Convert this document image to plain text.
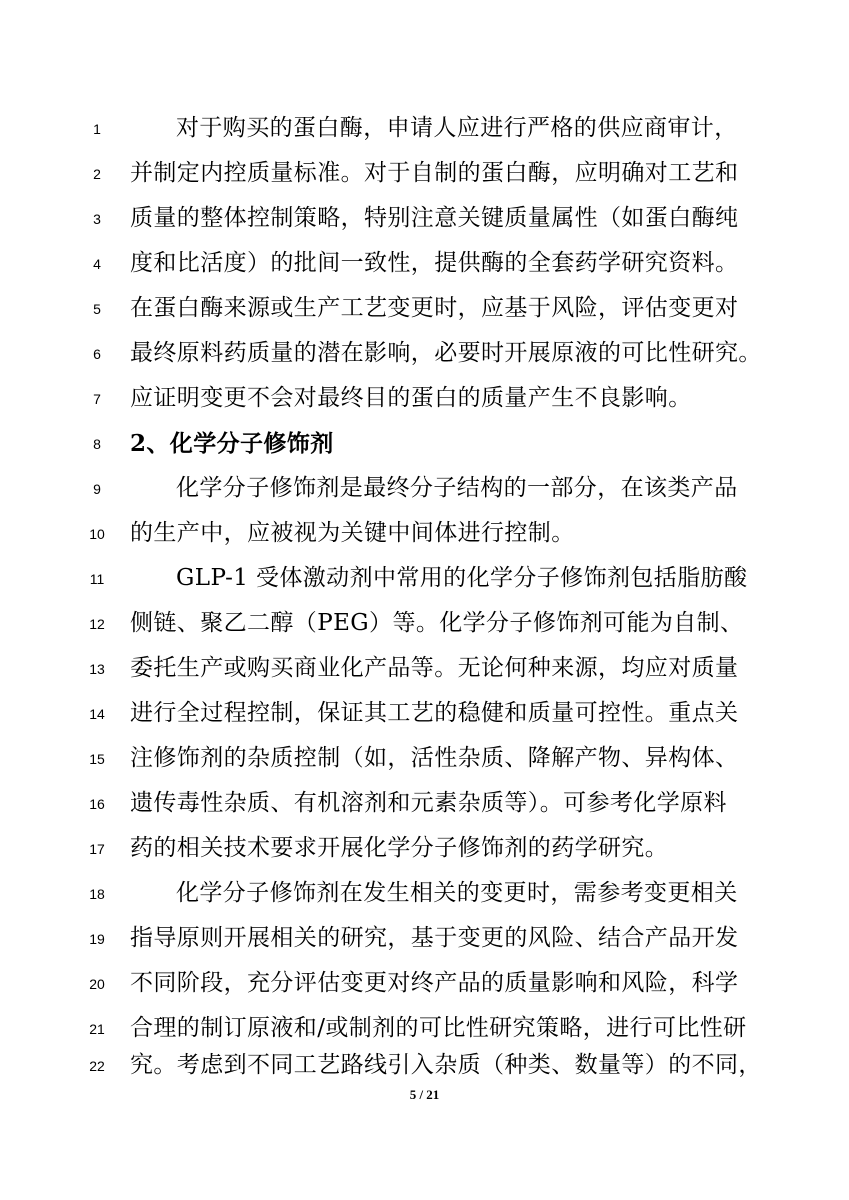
1	对于购买的蛋白酶，申请人应进行严格的供应商审计，
2	并制定内控质量标准。对于自制的蛋白酶，应明确对工艺和
3	质量的整体控制策略，特别注意关键质量属性（如蛋白酶纯
4	度和比活度）的批间一致性，提供酶的全套药学研究资料。
5	在蛋白酶来源或生产工艺变更时，应基于风险，评估变更对
6	最终原料药质量的潜在影响，必要时开展原液的可比性研究。
7	应证明变更不会对最终目的蛋白的质量产生不良影响。
8	2、化学分子修饰剂
9	化学分子修饰剂是最终分子结构的一部分，在该类产品
10	的生产中，应被视为关键中间体进行控制。
11	GLP-1 受体激动剂中常用的化学分子修饰剂包括脂肪酸
12	侧链、聚乙二醇（PEG）等。化学分子修饰剂可能为自制、
13	委托生产或购买商业化产品等。无论何种来源，均应对质量
14	进行全过程控制，保证其工艺的稳健和质量可控性。重点关
15	注修饰剂的杂质控制（如，活性杂质、降解产物、异构体、
16	遗传毒性杂质、有机溶剂和元素杂质等）。可参考化学原料
17	药的相关技术要求开展化学分子修饰剂的药学研究。
18	化学分子修饰剂在发生相关的变更时，需参考变更相关
19	指导原则开展相关的研究，基于变更的风险、结合产品开发
20	不同阶段，充分评估变更对终产品的质量影响和风险，科学
21	合理的制订原液和/或制剂的可比性研究策略，进行可比性研
22	究。考虑到不同工艺路线引入杂质（种类、数量等）的不同，
5 / 21
